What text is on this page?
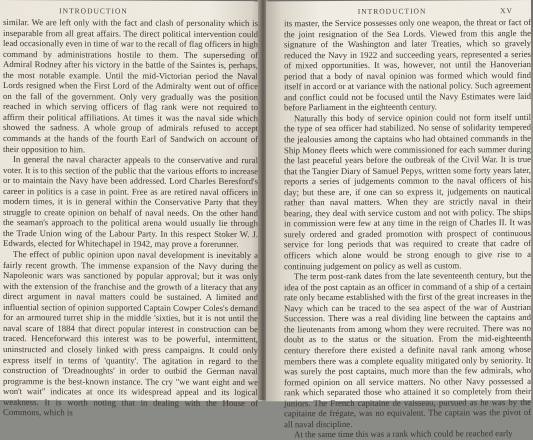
INTRODUCTION

similar. We are left only with the fact and clash of personality which is inseparable from all great affairs. The direct political intervention could lead occasionally even in time of war to the recall of flag officers in high command by administrations hostile to them. The superseding of Admiral Rodney after his victory in the battle of the Saintes is, perhaps, the most notable example. Until the mid-Victorian period the Naval Lords resigned when the First Lord of the Admiralty went out of office on the fall of the government. Only very gradually was the position reached in which serving officers of flag rank were not required to affirm their political affiliations. At times it was the naval side which showed the sadness. A whole group of admirals refused to accept commands at the hands of the fourth Earl of Sandwich on account of their opposition to him.

In general the naval character appeals to the conservative and rural voter. It is to this section of the public that the various efforts to increase or to maintain the Navy have been addressed. Lord Charles Beresford's career in politics is a case in point. Free as are retired naval officers in modern times, it is in general within the Conservative Party that they struggle to create opinion on behalf of naval needs. On the other hand the seaman's approach to the political arena would usually lie through the Trade Union wing of the Labour Party. In this respect Stoker W. J. Edwards, elected for Whitechapel in 1942, may prove a forerunner.

The effect of public opinion upon naval development is inevitably a fairly recent growth. The immense expansion of the Navy during the Napoleonic wars was sanctioned by popular approval; but it was only with the extension of the franchise and the growth of a literacy that any direct argument in naval matters could be sustained. A limited and influential section of opinion supported Captain Cowper Coles's demand for an armoured turret ship in the middle 'sixties, but it is not until the naval scare of 1884 that direct popular interest in construction can be traced. Henceforward this interest was to be powerful, intermittent, uninstructed and closely linked with press campaigns. It could only express itself in terms of 'quantity'. The agitation in regard to the construction of 'Dreadnoughts' in order to outbid the German naval programme is the best-known instance. The cry "we want eight and we won't wait" indicates at once its widespread appeal and its logical weakness. It is worth noting that in dealing with the House of Commons, which is

INTRODUCTION	XV

its master, the Service possesses only one weapon, the threat or fact of the joint resignation of the Sea Lords. Viewed from this angle the signature of the Washington and later Treaties, which so gravely reduced the Navy in 1922 and succeeding years, represented a series of mixed opportunities. It was, however, not until the Hanoverian period that a body of naval opinion was formed which would find itself in accord or at variance with the national policy. Such agreement and conflict could not be focused until the Navy Estimates were laid before Parliament in the eighteenth century.

Naturally this body of service opinion could not form itself until the type of sea officer had stabilized. No sense of solidarity tempered the jealousies among the captains who had obtained commands in the Ship Money fleets which were commissioned for each summer during the last peaceful years before the outbreak of the Civil War. It is true that the Tangier Diary of Samuel Pepys, written some forty years later, reports a series of judgements common to the naval officers of his day; but these are, if one can so express it, judgements on nautical rather than naval matters. When they are strictly naval in their bearing, they deal with service custom and not with policy. The ships in commission were few at any time in the reign of Charles II. It was surely ordered and graded promotion with prospect of continuous service for long periods that was required to create that cadre of officers which alone would be strong enough to give rise to a continuing judgement on policy as well as custom.

The term post-rank dates from the late seventeenth century, but the idea of the post captain as an officer in command of a ship of a certain rate only became established with the first of the great increases in the Navy which can be traced to the sea aspect of the war of Austrian Succession. There was a real dividing line between the captains and the lieutenants from among whom they were recruited. There was no doubt as to the status or the situation. From the mid-eighteenth century therefore there existed a definite naval rank among whose members there was a complete equality mitigated only by seniority. It was surely the post captains, much more than the few admirals, who formed opinion on all service matters. No other Navy possessed a rank which separated those who attained it so completely from their juniors. The French capitaine de vaisseau, pursued as he was by the capitaine de frégate, was no equivalent. The captain was the pivot of all naval discipline.

At the same time this was a rank which could be reached early
